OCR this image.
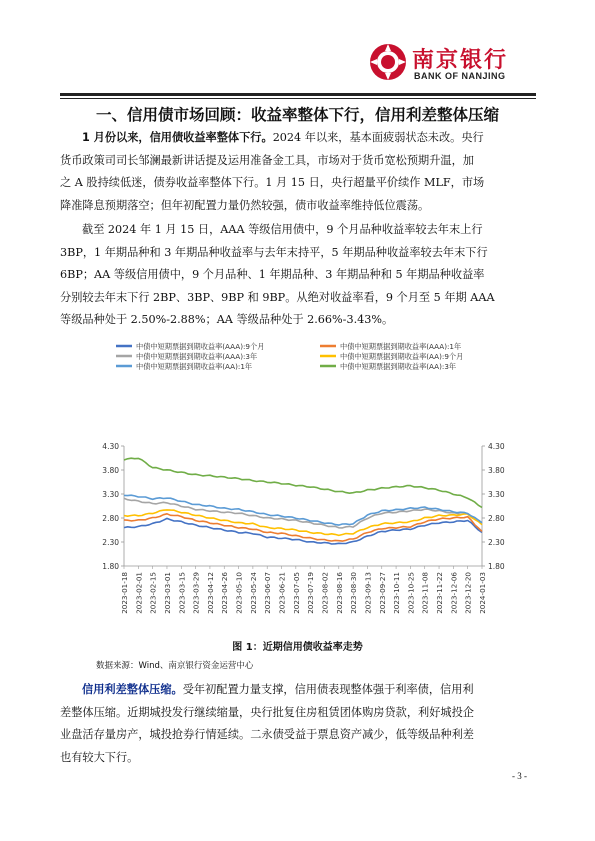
南京银行
BANK OF NANJING
一、信用债市场回顾：收益率整体下行，信用利差整体压缩
1 月份以来，信用债收益率整体下行。2024 年以来，基本面疲弱状态未改。央行
货币政策司司长邹澜最新讲话提及运用准备金工具，市场对于货币宽松预期升温，加
之 A 股持续低迷，债券收益率整体下行。1 月 15 日，央行超量平价续作 MLF，市场
降准降息预期落空；但年初配置力量仍然较强，债市收益率维持低位震荡。
截至 2024 年 1 月 15 日，AAA 等级信用债中，9 个月品种收益率较去年末上行
3BP，1 年期品种和 3 年期品种收益率与去年末持平，5 年期品种收益率较去年末下行
6BP；AA 等级信用债中，9 个月品种、1 年期品种、3 年期品种和 5 年期品种收益率
分别较去年末下行 2BP、3BP、9BP 和 9BP。从绝对收益率看，9 个月至 5 年期 AAA
等级品种处于 2.50%-2.88%；AA 等级品种处于 2.66%-3.43%。
中债中短期票据到期收益率(AAA):9个月	中债中短期票据到期收益率(AAA):1年
中债中短期票据到期收益率(AAA):3年	中债中短期票据到期收益率(AA):9个月
中债中短期票据到期收益率(AA):1年	中债中短期票据到期收益率(AA):3年
4.30
3.80
3.30
2.80
2.30
1.80
4.30
3.80
3.30
2.80
2.30
1.80
2023-01-18 2023-02-01 2023-02-15 2023-03-01 2023-03-15 2023-03-29 2023-04-12 2023-04-26 2023-05-10 2023-05-24 2023-06-07 2023-06-21 2023-07-05 2023-07-19 2023-08-02 2023-08-16 2023-08-30 2023-09-13 2023-09-27 2023-10-11 2023-10-25 2023-11-08 2023-11-22 2023-12-06 2023-12-20 2024-01-03
图 1：近期信用债收益率走势
数据来源：Wind、南京银行资金运营中心
信用利差整体压缩。受年初配置力量支撑，信用债表现整体强于利率债，信用利
差整体压缩。近期城投发行继续缩量，央行批复住房租赁团体购房贷款，利好城投企
业盘活存量房产，城投抢券行情延续。二永债受益于票息资产减少，低等级品种利差
也有较大下行。
- 3 -
